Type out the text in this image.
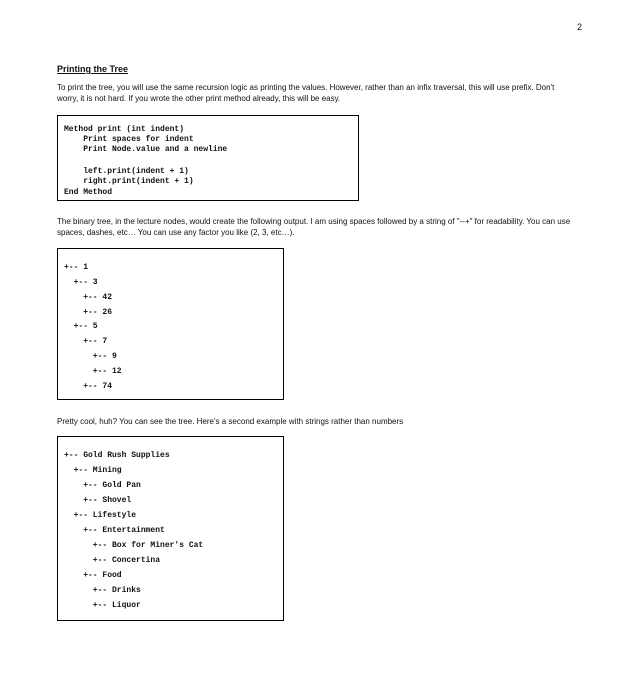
2
Printing the Tree
To print the tree, you will use the same recursion logic as printing the values. However, rather than an infix traversal, this will use prefix. Don't worry, it is not hard. If you wrote the other print method already, this will be easy.
Method print (int indent)
Print spaces for indent
Print Node.value and a newline
left.print(indent + 1)
right.print(indent + 1)
End Method
The binary tree, in the lecture nodes, would create the following output. I am using spaces followed by a string of "--+" for readability. You can use spaces, dashes, etc… You can use any factor you like (2, 3, etc…).
+-- 1
+-- 3
+-- 42
+-- 26
+-- 5
+-- 7
+-- 9
+-- 12
+-- 74
Pretty cool, huh? You can see the tree. Here's a second example with strings rather than numbers
+-- Gold Rush Supplies
+-- Mining
+-- Gold Pan
+-- Shovel
+-- Lifestyle
+-- Entertainment
+-- Box for Miner's Cat
+-- Concertina
+-- Food
+-- Drinks
+-- Liquor
